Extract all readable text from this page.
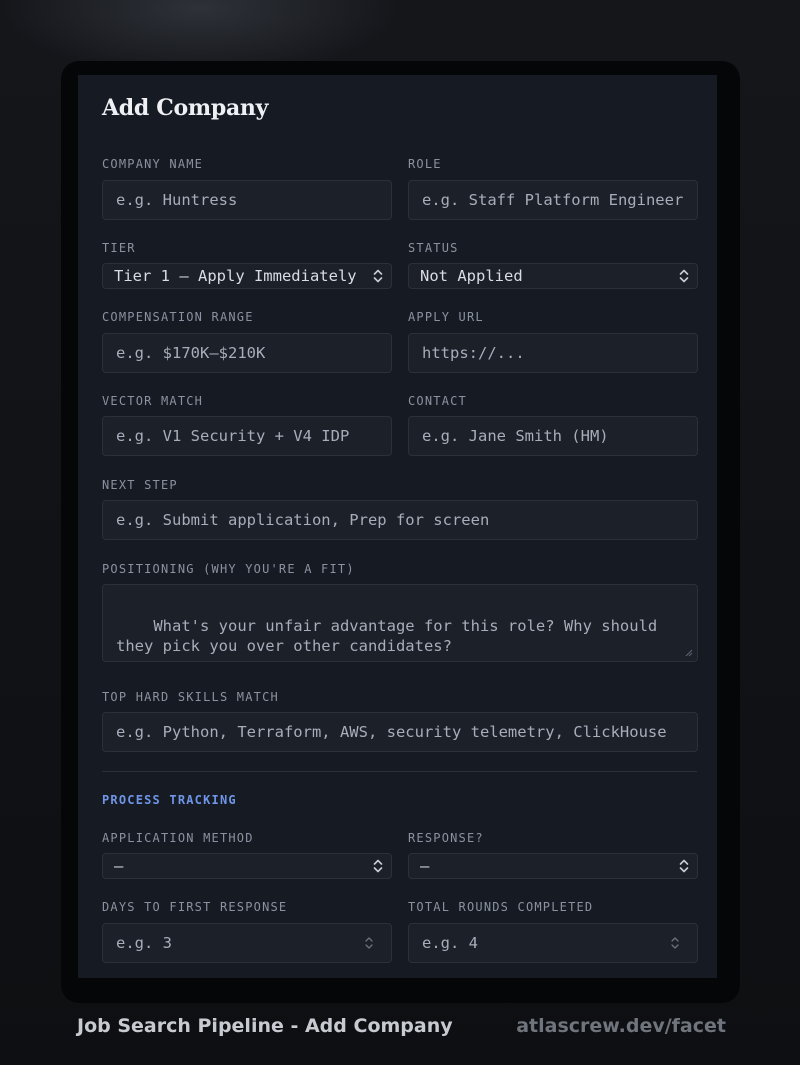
Add Company
COMPANY NAME
e.g. Huntress
ROLE
e.g. Staff Platform Engineer
TIER
Tier 1 — Apply Immediately
STATUS
Not Applied
COMPENSATION RANGE
e.g. $170K–$210K
APPLY URL
https://...
VECTOR MATCH
e.g. V1 Security + V4 IDP
CONTACT
e.g. Jane Smith (HM)
NEXT STEP
e.g. Submit application, Prep for screen
POSITIONING (WHY YOU'RE A FIT)

What's your unfair advantage for this role? Why should they pick you over other candidates?

TOP HARD SKILLS MATCH
e.g. Python, Terraform, AWS, security telemetry, ClickHouse
PROCESS TRACKING
APPLICATION METHOD
—
RESPONSE?
—
DAYS TO FIRST RESPONSE
e.g. 3
TOTAL ROUNDS COMPLETED
e.g. 4
Job Search Pipeline - Add Company	atlascrew.dev/facet
